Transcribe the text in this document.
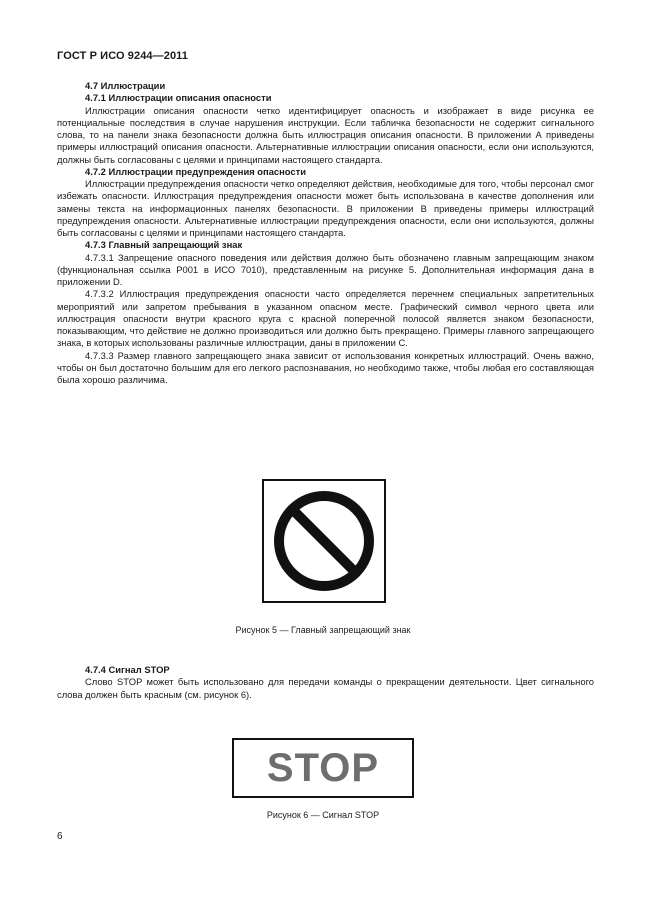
ГОСТ Р ИСО 9244—2011

4.7 Иллюстрации

4.7.1 Иллюстрации описания опасности

Иллюстрации описания опасности четко идентифицирует опасность и изображает в виде рисунка ее потенциальные последствия в случае нарушения инструкции. Если табличка безопасности не содержит сигнального слова, то на панели знака безопасности должна быть иллюстрация описания опасности. В приложении А приведены примеры иллюстраций описания опасности. Альтернативные иллюстрации описания опасности, если они используются, должны быть согласованы с целями и принципами настоящего стандарта.

4.7.2 Иллюстрации предупреждения опасности

Иллюстрации предупреждения опасности четко определяют действия, необходимые для того, чтобы персонал смог избежать опасности. Иллюстрация предупреждения опасности может быть использована в качестве дополнения или замены текста на информационных панелях безопасности. В приложении В приведены примеры иллюстраций предупреждения опасности. Альтернативные иллюстрации предупреждения опасности, если они используются, должны быть согласованы с целями и принципами настоящего стандарта.

4.7.3 Главный запрещающий знак

4.7.3.1 Запрещение опасного поведения или действия должно быть обозначено главным запрещающим знаком (функциональная ссылка Р001 в ИСО 7010), представленным на рисунке 5. Дополнительная информация дана в приложении D.

4.7.3.2 Иллюстрация предупреждения опасности часто определяется перечнем специальных запретительных мероприятий или запретом пребывания в указанном опасном месте. Графический символ черного цвета или иллюстрация опасности внутри красного круга с красной поперечной полосой является знаком безопасности, показывающим, что действие не должно производиться или должно быть прекращено. Примеры главного запрещающего знака, в которых использованы различные иллюстрации, даны в приложении С.

4.7.3.3 Размер главного запрещающего знака зависит от использования конкретных иллюстраций. Очень важно, чтобы он был достаточно большим для его легкого распознавания, но необходимо также, чтобы любая его составляющая была хорошо различима.

Рисунок 5 — Главный запрещающий знак

4.7.4 Сигнал STOP

Слово STOP может быть использовано для передачи команды о прекращении деятельности. Цвет сигнального слова должен быть красным (см. рисунок 6).

STOP
Рисунок 6 — Сигнал STOP
6
